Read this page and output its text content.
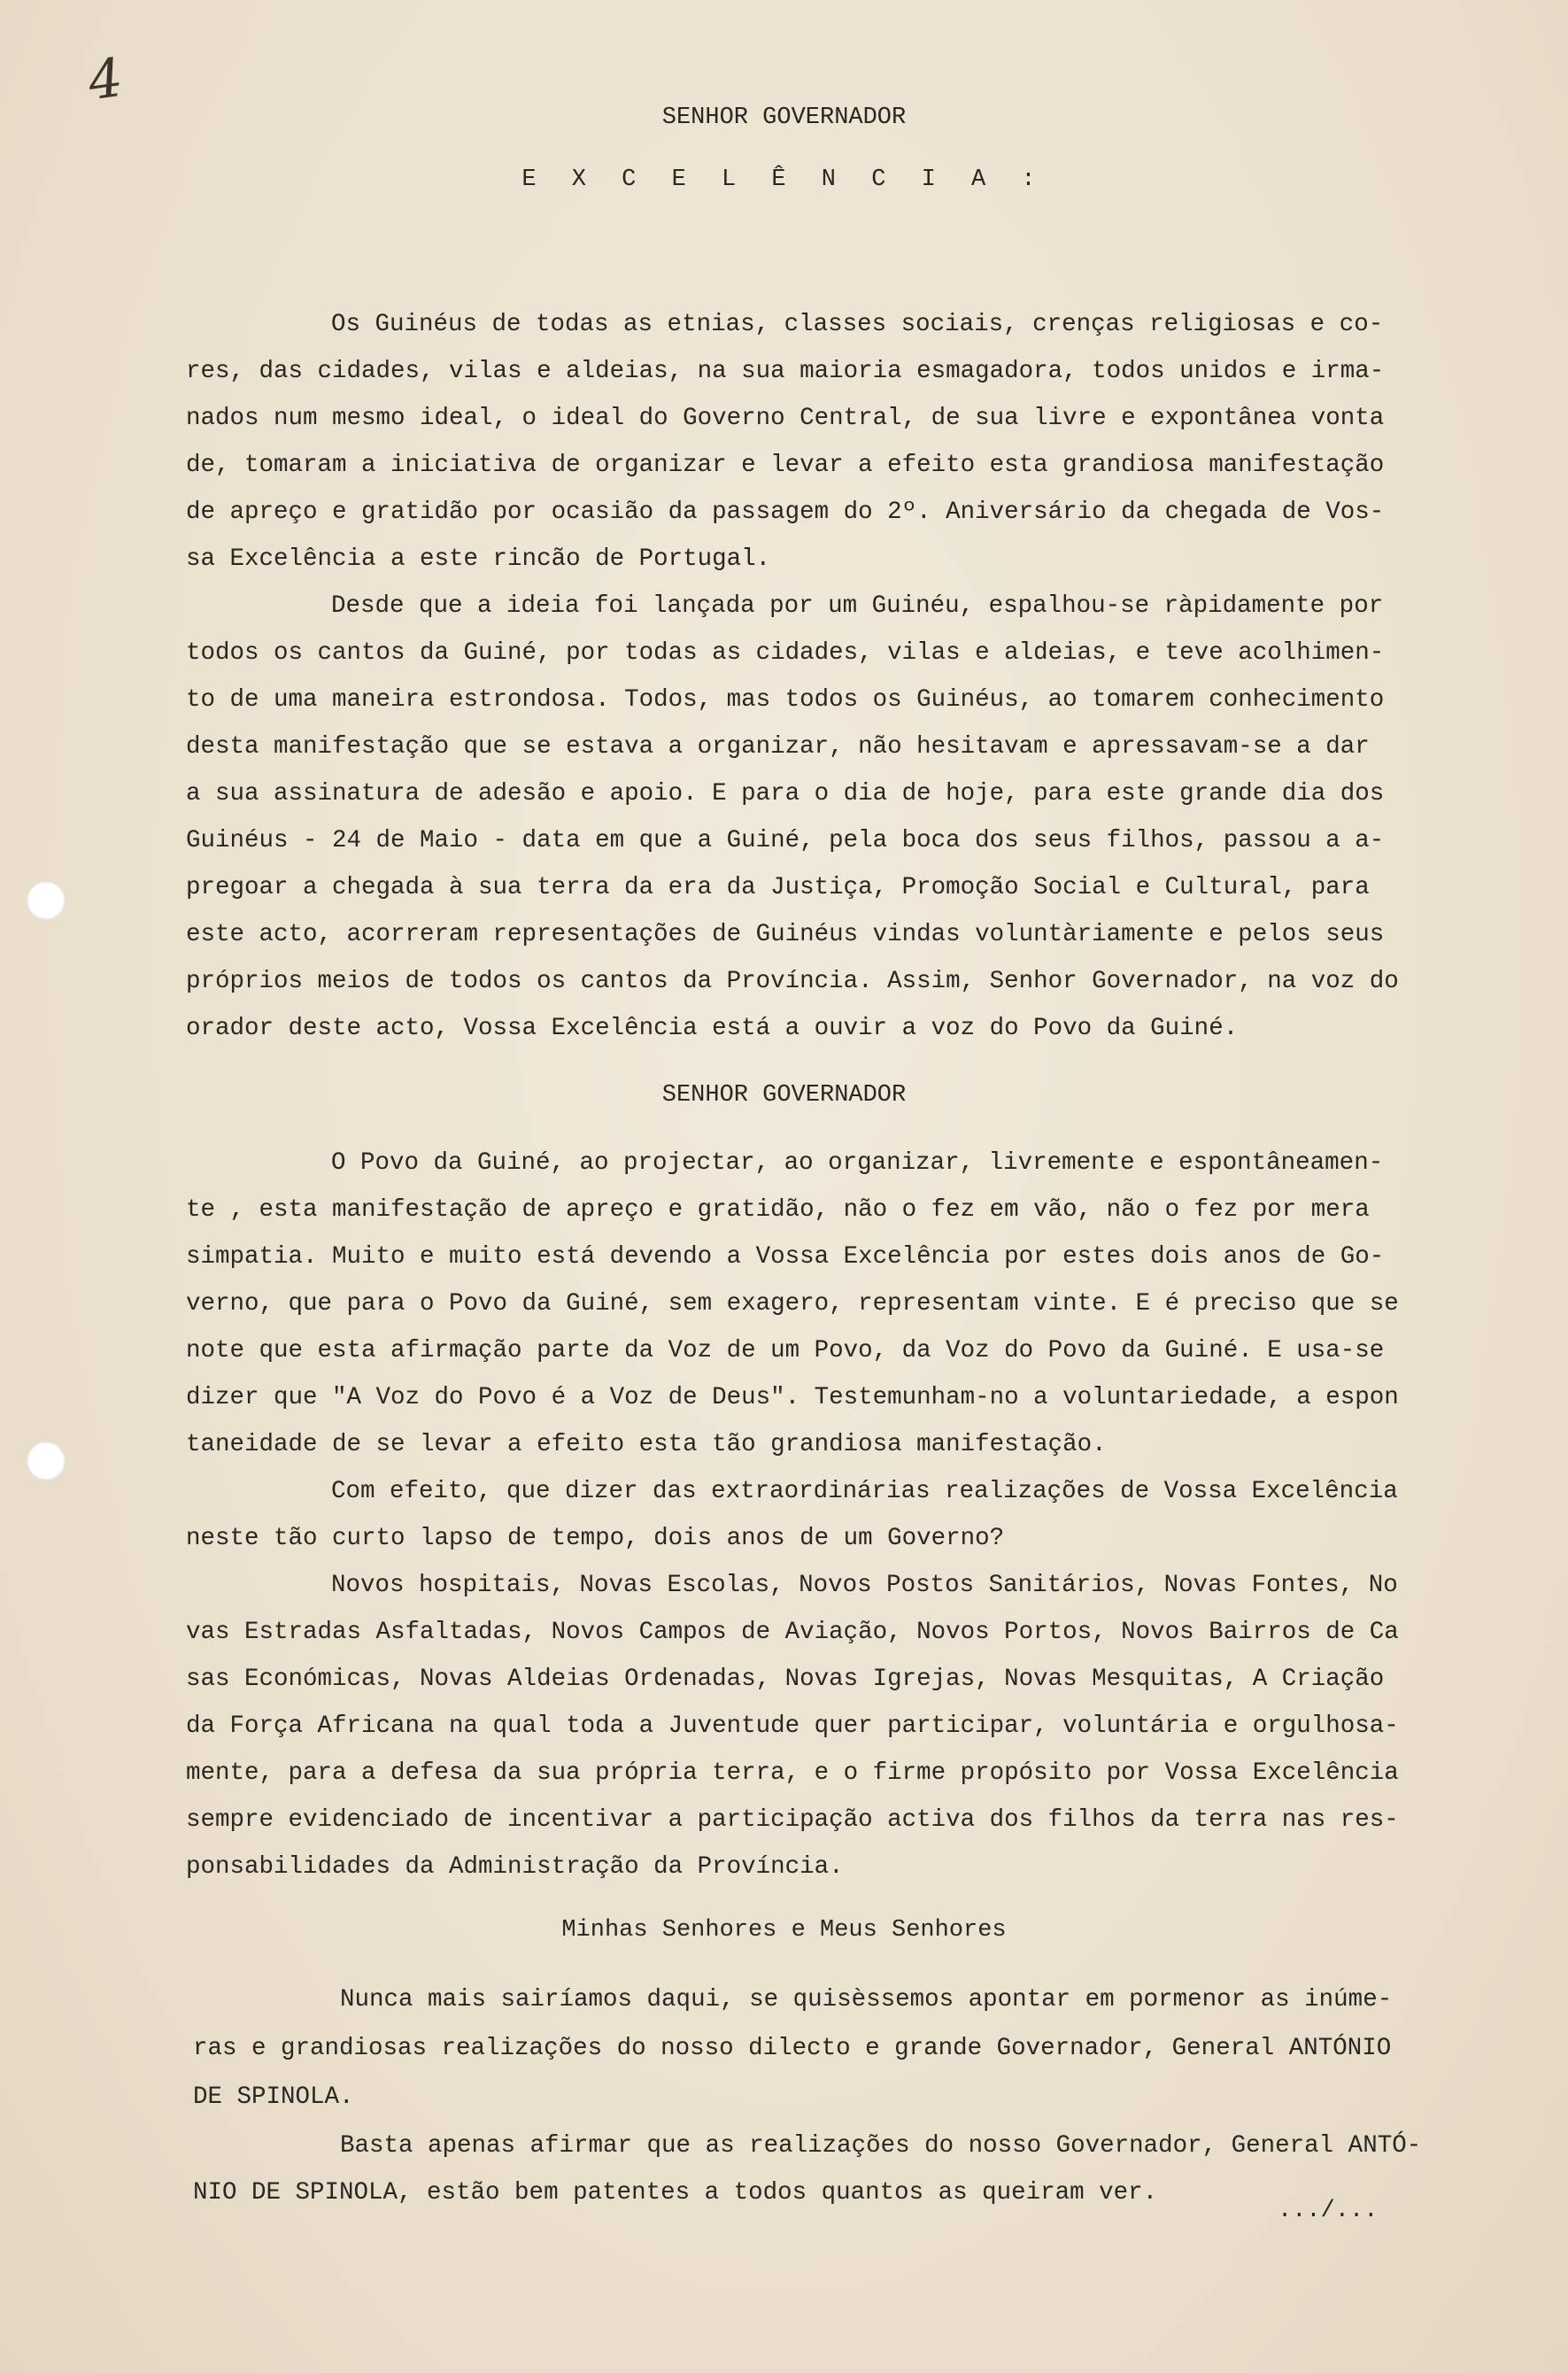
4
SENHOR GOVERNADOR
E X C E L Ê N C I A :
Os Guinéus de todas as etnias, classes sociais, crenças religiosas e co-
res, das cidades, vilas e aldeias, na sua maioria esmagadora, todos unidos e irma-
nados num mesmo ideal, o ideal do Governo Central, de sua livre e expontânea vonta
de, tomaram a iniciativa de organizar e levar a efeito esta grandiosa manifestação
de apreço e gratidão por ocasião da passagem do 2º. Aniversário da chegada de Vos-
sa Excelência a este rincão de Portugal.
Desde que a ideia foi lançada por um Guinéu, espalhou-se ràpidamente por
todos os cantos da Guiné, por todas as cidades, vilas e aldeias, e teve acolhimen-
to de uma maneira estrondosa. Todos, mas todos os Guinéus, ao tomarem conhecimento
desta manifestação que se estava a organizar, não hesitavam e apressavam-se a dar
a sua assinatura de adesão e apoio. E para o dia de hoje, para este grande dia dos
Guinéus - 24 de Maio - data em que a Guiné, pela boca dos seus filhos, passou a a-
pregoar a chegada à sua terra da era da Justiça, Promoção Social e Cultural, para
este acto, acorreram representações de Guinéus vindas voluntàriamente e pelos seus
próprios meios de todos os cantos da Província. Assim, Senhor Governador, na voz do
orador deste acto, Vossa Excelência está a ouvir a voz do Povo da Guiné.
SENHOR GOVERNADOR
O Povo da Guiné, ao projectar, ao organizar, livremente e espontâneamen-
te , esta manifestação de apreço e gratidão, não o fez em vão, não o fez por mera
simpatia. Muito e muito está devendo a Vossa Excelência por estes dois anos de Go-
verno, que para o Povo da Guiné, sem exagero, representam vinte. E é preciso que se
note que esta afirmação parte da Voz de um Povo, da Voz do Povo da Guiné. E usa-se
dizer que "A Voz do Povo é a Voz de Deus". Testemunham-no a voluntariedade, a espon
taneidade de se levar a efeito esta tão grandiosa manifestação.
Com efeito, que dizer das extraordinárias realizações de Vossa Excelência
neste tão curto lapso de tempo, dois anos de um Governo?
Novos hospitais, Novas Escolas, Novos Postos Sanitários, Novas Fontes, No
vas Estradas Asfaltadas, Novos Campos de Aviação, Novos Portos, Novos Bairros de Ca
sas Económicas, Novas Aldeias Ordenadas, Novas Igrejas, Novas Mesquitas, A Criação
da Força Africana na qual toda a Juventude quer participar, voluntária e orgulhosa-
mente, para a defesa da sua própria terra, e o firme propósito por Vossa Excelência
sempre evidenciado de incentivar a participação activa dos filhos da terra nas res-
ponsabilidades da Administração da Província.
Minhas Senhores e Meus Senhores
Nunca mais sairíamos daqui, se quisèssemos apontar em pormenor as inúme-
ras e grandiosas realizações do nosso dilecto e grande Governador, General ANTÓNIO
DE SPINOLA.
Basta apenas afirmar que as realizações do nosso Governador, General ANTÓ-
NIO DE SPINOLA, estão bem patentes a todos quantos as queiram ver.
.../...
